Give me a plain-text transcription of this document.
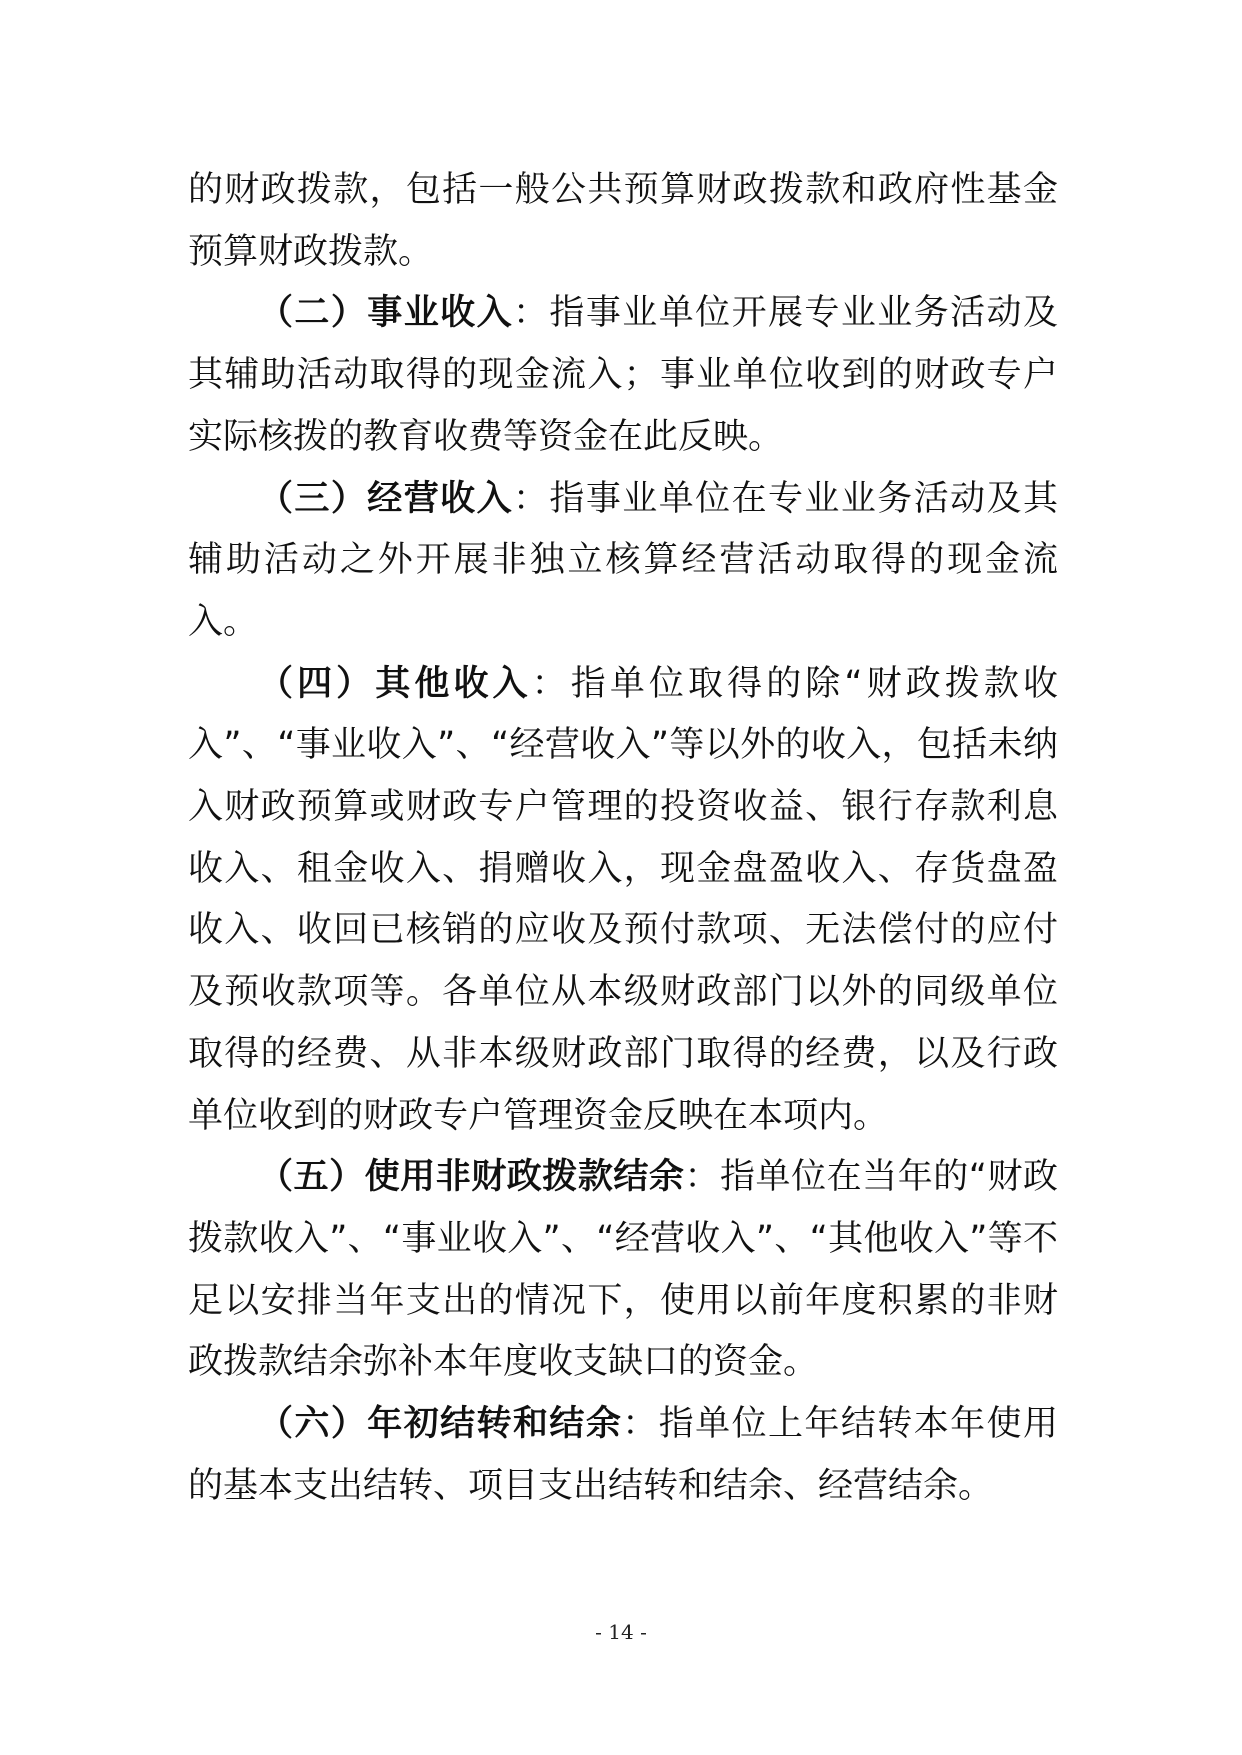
的财政拨款，包括一般公共预算财政拨款和政府性基金预算财政拨款。

（二）事业收入：指事业单位开展专业业务活动及其辅助活动取得的现金流入；事业单位收到的财政专户实际核拨的教育收费等资金在此反映。

（三）经营收入：指事业单位在专业业务活动及其辅助活动之外开展非独立核算经营活动取得的现金流入。

（四）其他收入：指单位取得的除“财政拨款收入”、“事业收入”、“经营收入”等以外的收入，包括未纳入财政预算或财政专户管理的投资收益、银行存款利息收入、租金收入、捐赠收入，现金盘盈收入、存货盘盈收入、收回已核销的应收及预付款项、无法偿付的应付及预收款项等。各单位从本级财政部门以外的同级单位取得的经费、从非本级财政部门取得的经费，以及行政单位收到的财政专户管理资金反映在本项内。

（五）使用非财政拨款结余：指单位在当年的“财政拨款收入”、“事业收入”、“经营收入”、“其他收入”等不足以安排当年支出的情况下，使用以前年度积累的非财政拨款结余弥补本年度收支缺口的资金。

（六）年初结转和结余：指单位上年结转本年使用的基本支出结转、项目支出结转和结余、经营结余。

- 14 -
